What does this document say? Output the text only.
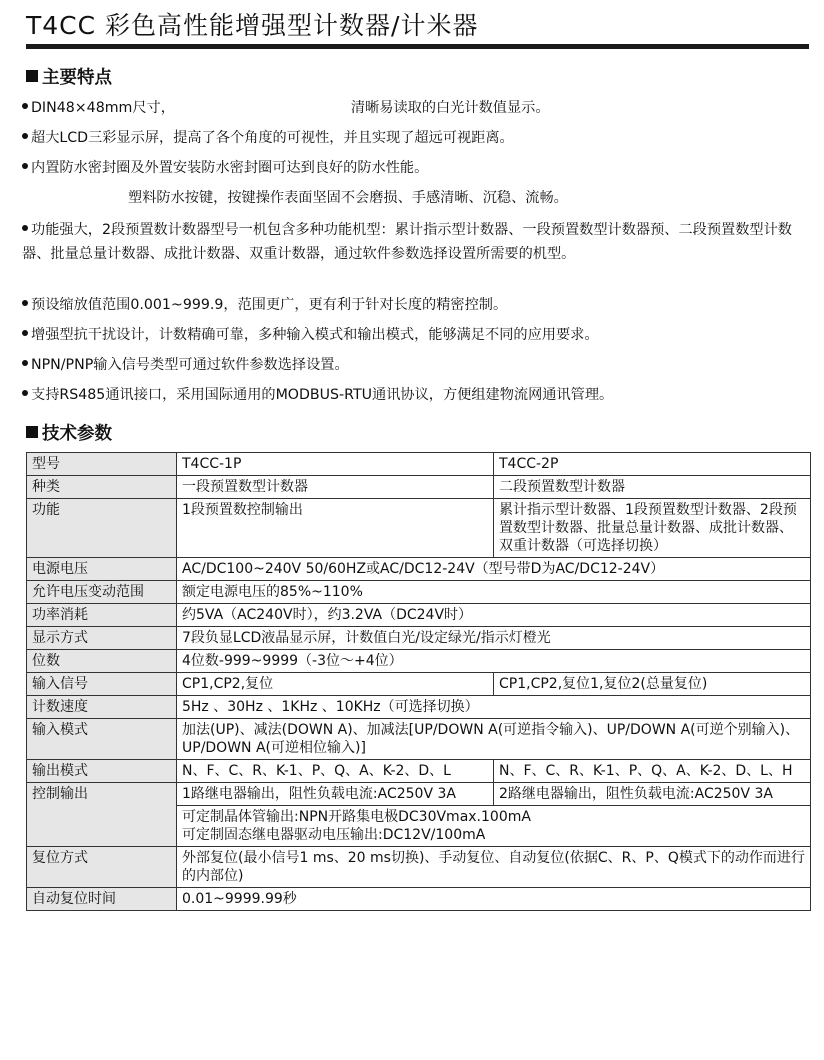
T4CC 彩色高性能增强型计数器/计米器
主要特点
DIN48×48mm尺寸，	清晰易读取的白光计数值显示。
超大LCD三彩显示屏，提高了各个角度的可视性，并且实现了超远可视距离。
内置防水密封圈及外置安装防水密封圈可达到良好的防水性能。
塑料防水按键，按键操作表面坚固不会磨损、手感清晰、沉稳、流畅。
功能强大，2段预置数计数器型号一机包含多种功能机型：累计指示型计数器、一段预置数型计数器预、二段预置数型计数器、批量总量计数器、成批计数器、双重计数器，通过软件参数选择设置所需要的机型。
预设缩放值范围0.001~999.9，范围更广，更有利于针对长度的精密控制。
增强型抗干扰设计，计数精确可靠，多种输入模式和输出模式，能够满足不同的应用要求。
NPN/PNP输入信号类型可通过软件参数选择设置。
支持RS485通讯接口，采用国际通用的MODBUS-RTU通讯协议，方便组建物流网通讯管理。
技术参数
型号	T4CC-1P	T4CC-2P
种类	一段预置数型计数器	二段预置数型计数器
功能	1段预置数控制输出	累计指示型计数器、1段预置数型计数器、2段预置数型计数器、批量总量计数器、成批计数器、双重计数器（可选择切换）
电源电压	AC/DC100~240V 50/60HZ或AC/DC12-24V（型号带D为AC/DC12-24V）	
允许电压变动范围	额定电源电压的85%~110%	
功率消耗	约5VA（AC240V时），约3.2VA（DC24V时）	
显示方式	7段负显LCD液晶显示屏，计数值白光/设定绿光/指示灯橙光	
位数	4位数-999~9999（-3位～+4位）	
输入信号	CP1,CP2,复位	CP1,CP2,复位1,复位2(总量复位)
计数速度	5Hz 、30Hz 、1KHz 、10KHz（可选择切换）	
输入模式	加法(UP)、减法(DOWN A)、加减法[UP/DOWN A(可逆指令输入)、UP/DOWN A(可逆个别输入)、UP/DOWN A(可逆相位输入)]	
输出模式	N、F、C、R、K-1、P、Q、A、K-2、D、L	N、F、C、R、K-1、P、Q、A、K-2、D、L、H
控制输出	1路继电器输出，阻性负载电流:AC250V 3A	2路继电器输出，阻性负载电流:AC250V 3A

	可定制晶体管输出:NPN开路集电极DC30Vmax.100mA
可定制固态继电器驱动电压输出:DC12V/100mA	

复位方式	外部复位(最小信号1 ms、20 ms切换)、手动复位、自动复位(依据C、R、P、Q模式下的动作而进行的内部位)	
自动复位时间	0.01~9999.99秒	
